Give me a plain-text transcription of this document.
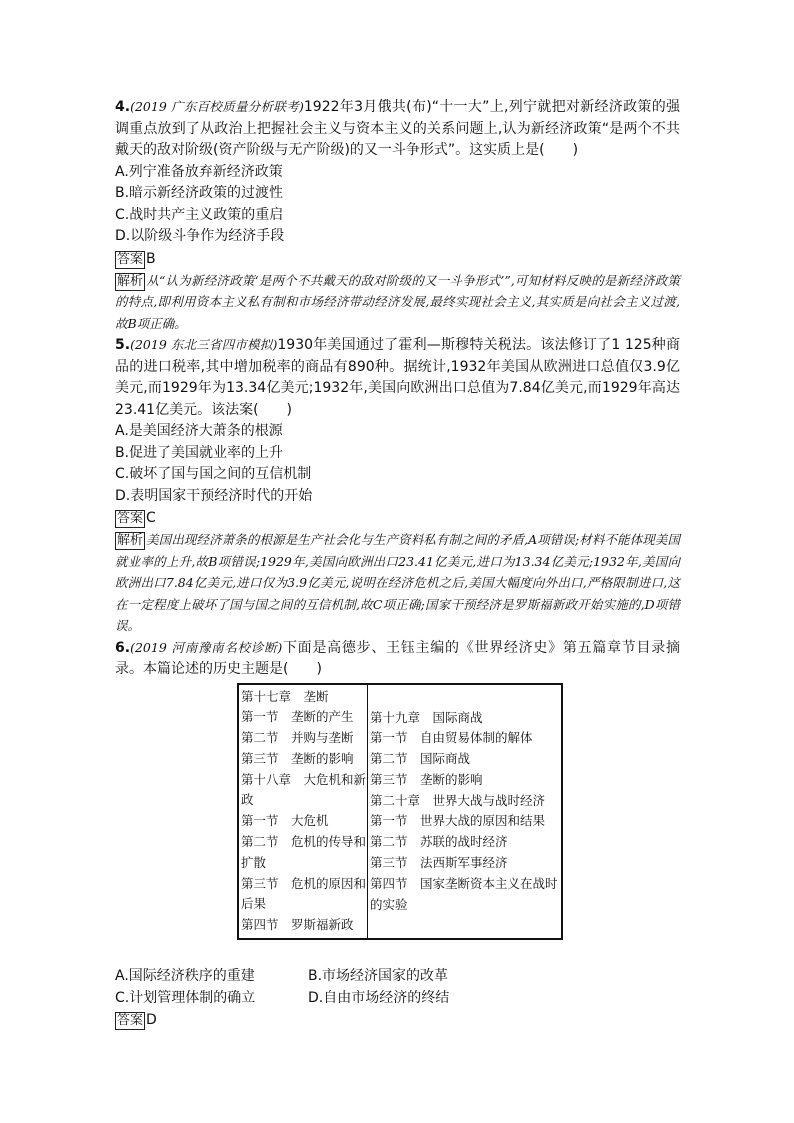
4.(2019 广东百校质量分析联考)1922年3月俄共(布)“十一大”上,列宁就把对新经济政策的强调重点放到了从政治上把握社会主义与资本主义的关系问题上,认为新经济政策“是两个不共戴天的敌对阶级(资产阶级与无产阶级)的又一斗争形式”。这实质上是(　　)

A.列宁准备放弃新经济政策

B.暗示新经济政策的过渡性

C.战时共产主义政策的重启

D.以阶级斗争作为经济手段

答案 B

解析 从“认为新经济政策‘是两个不共戴天的敌对阶级的又一斗争形式’”,可知材料反映的是新经济政策的特点,即利用资本主义私有制和市场经济带动经济发展,最终实现社会主义,其实质是向社会主义过渡,故B项正确。

5.(2019 东北三省四市模拟)1930年美国通过了霍利—斯穆特关税法。该法修订了1 125种商品的进口税率,其中增加税率的商品有890种。据统计,1932年美国从欧洲进口总值仅3.9亿美元,而1929年为13.34亿美元;1932年,美国向欧洲出口总值为7.84亿美元,而1929年高达23.41亿美元。该法案(　　)

A.是美国经济大萧条的根源

B.促进了美国就业率的上升

C.破坏了国与国之间的互信机制

D.表明国家干预经济时代的开始

答案 C

解析 美国出现经济萧条的根源是生产社会化与生产资料私有制之间的矛盾,A项错误;材料不能体现美国就业率的上升,故B项错误;1929年,美国向欧洲出口23.41亿美元,进口为13.34亿美元;1932年,美国向欧洲出口7.84亿美元,进口仅为3.9亿美元,说明在经济危机之后,美国大幅度向外出口,严格限制进口,这在一定程度上破坏了国与国之间的互信机制,故C项正确;国家干预经济是罗斯福新政开始实施的,D项错误。

6.(2019 河南豫南名校诊断)下面是高德步、王钰主编的《世界经济史》第五篇章节目录摘录。本篇论述的历史主题是(　　)

第十七章　垄断

第一节　垄断的产生

第二节　并购与垄断

第三节　垄断的影响

第十八章　大危机和新政

第一节　大危机

第二节　危机的传导和扩散

第三节　危机的原因和后果

第四节　罗斯福新政

第十九章　国际商战

第一节　自由贸易体制的解体

第二节　国际商战

第三节　垄断的影响

第二十章　世界大战与战时经济

第一节　世界大战的原因和结果

第二节　苏联的战时经济

第三节　法西斯军事经济

第四节　国家垄断资本主义在战时的实验

A.国际经济秩序的重建	B.市场经济国家的改革
C.计划管理体制的确立	D.自由市场经济的终结

答案 D
